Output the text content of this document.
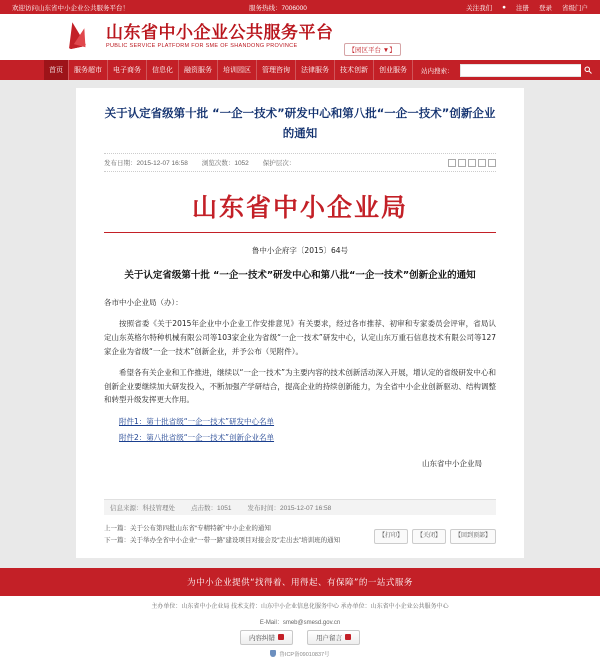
欢迎访问山东省中小企业公共服务平台！	服务热线：7006000	关注我们 ● 注册 登录 省级门户
山东省中小企业公共服务平台
PUBLIC SERVICE PLATFORM FOR SME OF SHANDONG PROVINCE
【园区平台 ▼】
首页	服务超市	电子商务	信息化	融资服务	培训园区	管理咨询	法律服务	技术创新	创业服务	站内搜索：
关于认定省级第十批 “一企一技术”研发中心和第八批“一企一技术”创新企业的通知
发布日期：2015-12-07 16:58 浏览次数：1052 保护层次：
山东省中小企业局
鲁中小企府字〔2015〕64号
关于认定省级第十批 “一企一技术”研发中心和第八批“一企一技术”创新企业的通知

各市中小企业局（办）：

按照省委《关于2015年企业中小企业工作安排意见》有关要求，经过各市推荐、初审和专家委员会评审，省局认定山东英格尔特种机械有限公司等103家企业为省级“一企一技术”研发中心，认定山东万重石信息技术有限公司等127家企业为省级“一企一技术”创新企业，并予公布（见附件）。

希望各有关企业和工作推进，继续以“一企一技术”为主要内容的技术创新活动深入开展，增认定的省级研发中心和创新企业要继续加大研发投入，不断加强产学研结合，提高企业的持续创新能力，为全省中小企业创新驱动、结构调整和转型升级发挥更大作用。

附件1：第十批省级“一企一技术”研发中心名单
附件2：第八批省级“一企一技术”创新企业名单
山东省中小企业局
信息来源：科技管理处 点击数：1051 发布时间：2015-12-07 16:58
上一篇：关于公布第四批山东省“专精特新”中小企业的通知
下一篇：关于举办全省中小企业“一带一路”建设项目对接会及“走出去”培训班的通知
【打印】	【关闭】	【回到顶部】
为中小企业提供“找得着、用得起、有保障”的一站式服务
主办单位：山东省中小企业局 技术支持：山东中小企业信息化服务中心 承办单位：山东省中小企业公共服务中心
E-Mail：smeb@smesd.gov.cn
内容纠错	用户留言
鲁ICP备09010837号
